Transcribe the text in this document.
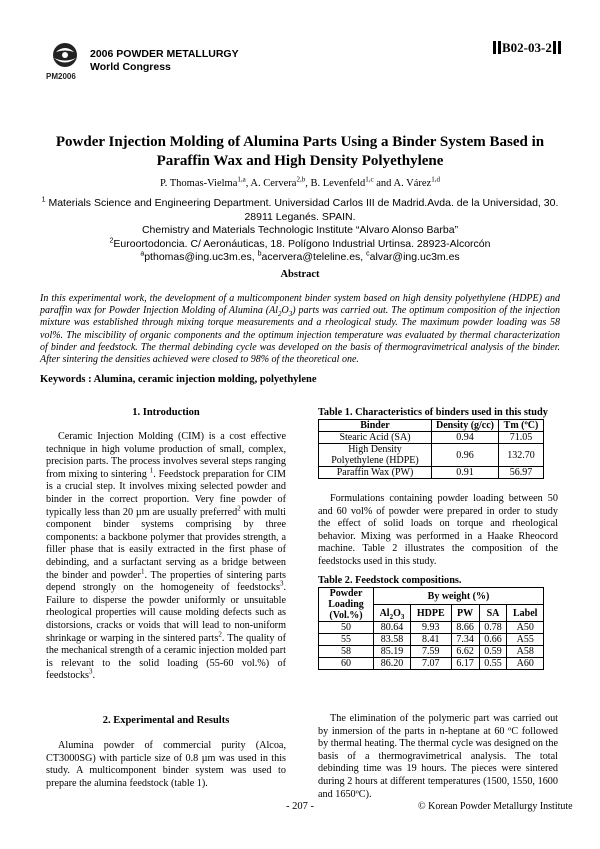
PM2006
2006 POWDER METALLURGY
World Congress
B02-03-2
Powder Injection Molding of Alumina Parts Using a Binder System Based in
Paraffin Wax and High Density Polyethylene
P. Thomas-Vielma$^{1,a}$, A. Cervera$^{2,b}$, B. Levenfeld$^{1,c}$ and A. Várez$^{1,d}$
$^1$ Materials Science and Engineering Department. Universidad Carlos III de Madrid.Avda. de la Universidad, 30.
28911 Leganés. SPAIN.
Chemistry and Materials Technologic Institute “Alvaro Alonso Barba”
$^2$Euroortodoncia. C/ Aeronáuticas, 18. Polígono Industrial Urtinsa. 28923-Alcorcón
$^a$pthomas@ing.uc3m.es, $^b$acervera@teleline.es, $^c$alvar@ing.uc3m.es
Abstract
In this experimental work, the development of a multicomponent binder system based on high density polyethylene (HDPE) and paraffin wax for Powder Injection Molding of Alumina $(Al_2O_3)$ parts was carried out. The optimum composition of the injection mixture was established through mixing torque measurements and a rheological study. The maximum powder loading was 58 vol%. The miscibility of organic components and the optimum injection temperature was evaluated by thermal characterization of binder and feedstock. The thermal debinding cycle was developed on the basis of thermogravimetrical analysis of the binder. After sintering the densities achieved were closed to 98% of the theoretical one.
Keywords : Alumina, ceramic injection molding, polyethylene
1. Introduction
Ceramic Injection Molding (CIM) is a cost effective technique in high volume production of small, complex, precision parts. The process involves several steps ranging from mixing to sintering $^1$. Feedstock preparation for CIM is a crucial step. It involves mixing selected powder and binder in the correct proportion. Very fine powder of typically less than 20 µm are usually preferred$^2$ with multi component binder systems comprising by three components: a backbone polymer that provides strength, a filler phase that is easily extracted in the first phase of debinding, and a surfactant serving as a bridge between the binder and powder$^1$. The properties of sintering parts depend strongly on the homogeneity of feedstocks$^3$. Failure to disperse the powder uniformly or unsuitable rheological properties will cause molding defects such as distorsions, cracks or voids that will lead to non-uniform shrinkage or warping in the sintered parts$^2$. The quality of the mechanical strength of a ceramic injection molded part is relevant to the solid loading (55-60 vol.%) of feedstocks$^3$.
2. Experimental and Results
Alumina powder of commercial purity (Alcoa, CT3000SG) with particle size of 0.8 µm was used in this study. A multicomponent binder system was used to prepare the alumina feedstock (table 1).
Table 1. Characteristics of binders used in this study
Binder	Density (g/cc)	Tm (ºC)
Stearic Acid (SA)	0.94	71.05
High Density Polyethylene (HDPE)	0.96	132.70
Paraffin Wax (PW)	0.91	56.97
Formulations containing powder loading between 50 and 60 vol% of powder were prepared in order to study the effect of solid loads on torque and rheological behavior. Mixing was performed in a Haake Rheocord machine. Table 2 illustrates the composition of the feedstocks used in this study.
Table 2. Feedstock compositions.
Powder Loading (Vol.%)	By weight (%)				
	$Al_2O_3$	HDPE	PW	SA	Label
50	80.64	9.93	8.66	0.78	A50
55	83.58	8.41	7.34	0.66	A55
58	85.19	7.59	6.62	0.59	A58
60	86.20	7.07	6.17	0.55	A60
The elimination of the polymeric part was carried out by inmersion of the parts in n-heptane at 60 ºC followed by thermal heating. The thermal cycle was designed on the basis of a thermogravimetrical analysis. The total debinding time was 19 hours. The pieces were sintered during 2 hours at different temperatures (1500, 1550, 1600 and 1650ºC).
- 207 -	© Korean Powder Metallurgy Institute
